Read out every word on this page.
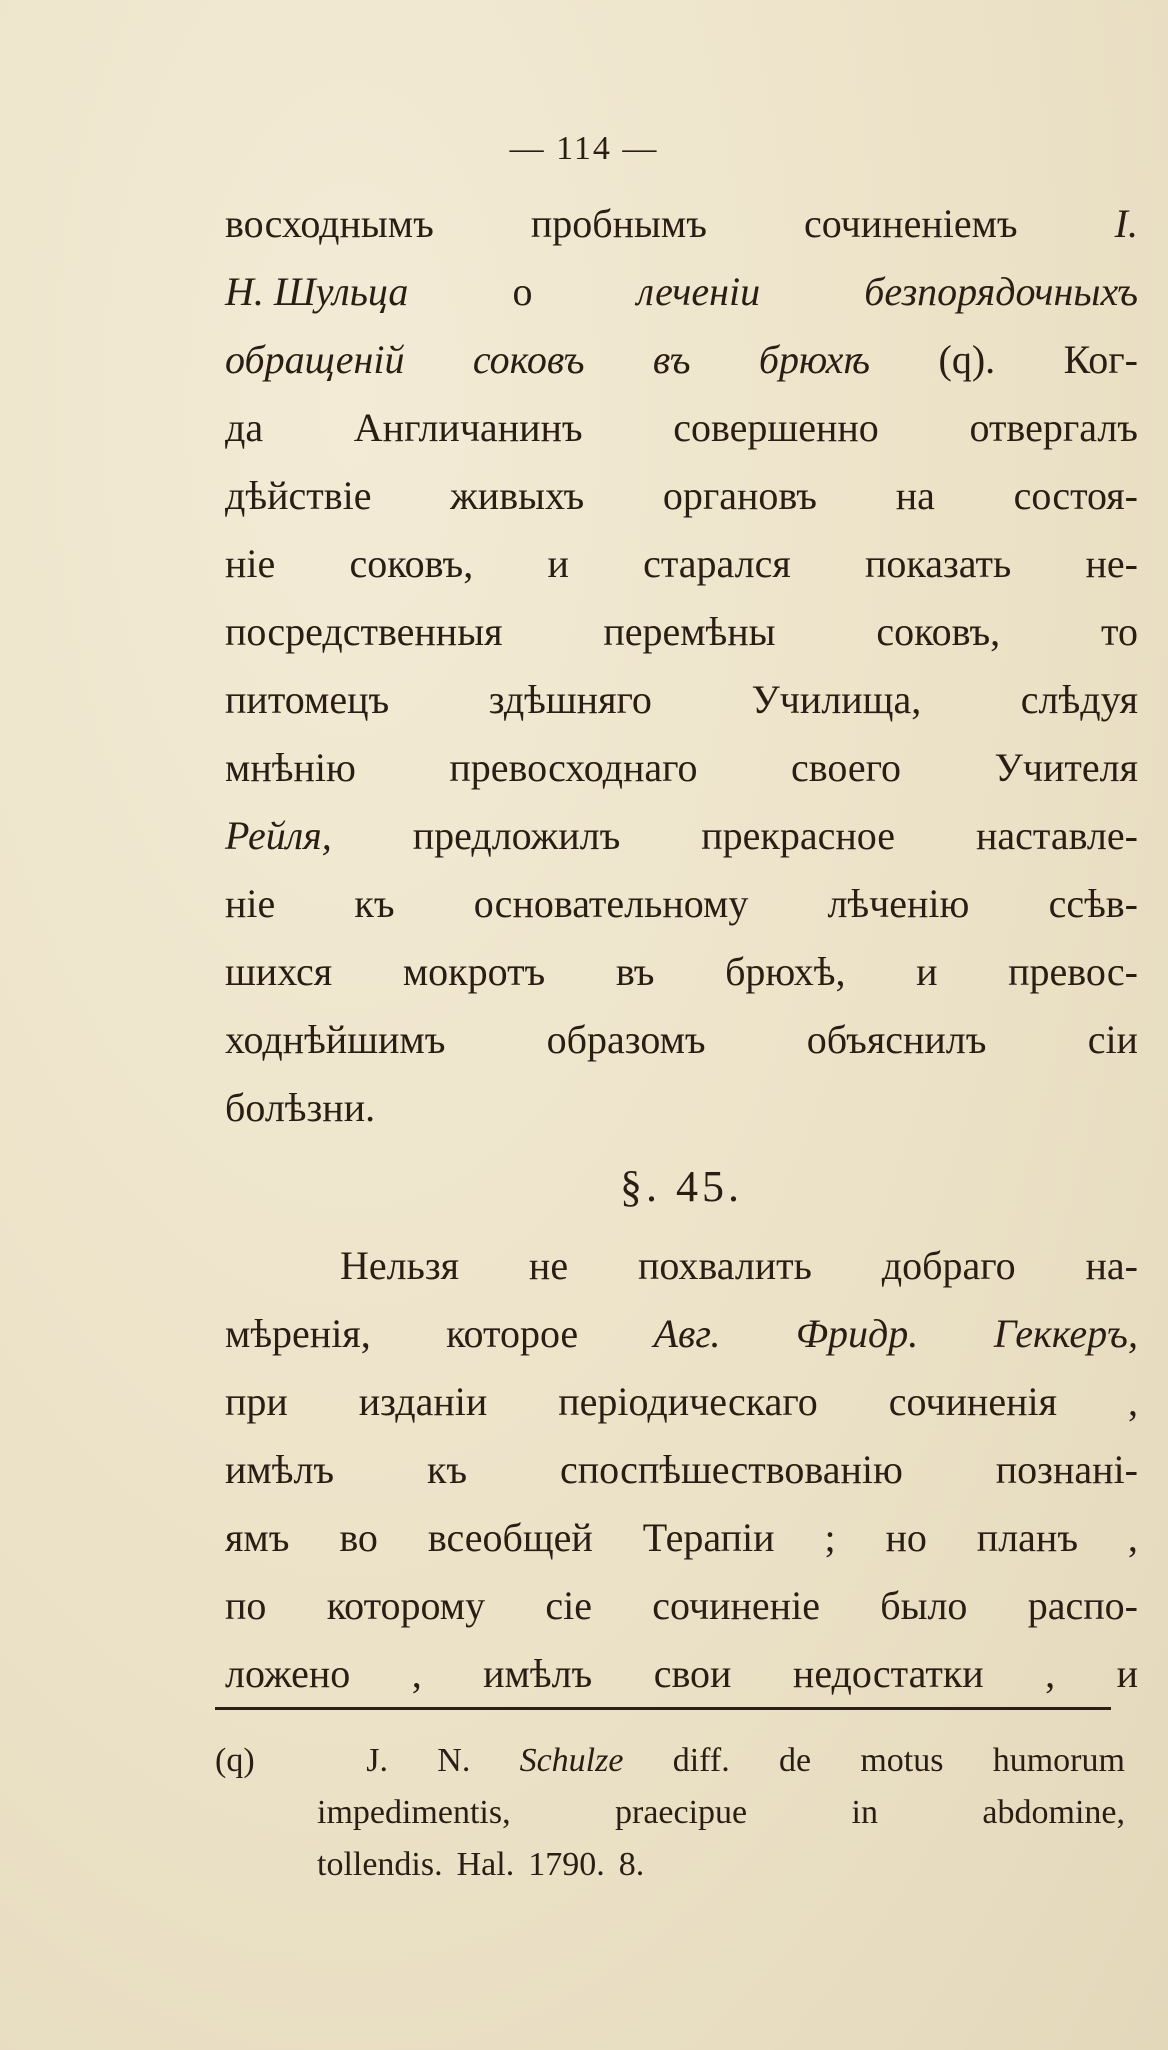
— 114 —
восходнымъ пробнымъ сочиненіемъ I.
H. Шульца	о	леченіи	безпорядочныхъ
обращеній соковъ въ брюхѣ (q). Ког-
да Англичанинъ совершенно отвергалъ
дѣйствіе живыхъ органовъ на состоя-
ніе соковъ, и старался показать не-
посредственныя	перемѣны	соковъ,	то
питомецъ здѣшняго Училища, слѣдуя
мнѣнію превосходнаго своего Учителя
Рейля, предложилъ прекрасное наставле-
ніе къ основательному лѣченію ссѣв-
шихся мокротъ въ брюхѣ, и превос-
ходнѣйшимъ	образомъ	объяснилъ	сіи
болѣзни.
§. 45.
Нельзя не похвалить добраго на-
мѣренія, которое Авг. Фридр. Геккеръ,
при изданіи періодическаго сочиненія ,
имѣлъ къ споспѣшествованію познані-
ямъ во всеобщей Терапіи ; но планъ ,
по которому сіе сочиненіе было распо-
ложено , имѣлъ свои недостатки , и
(q)	J. N. Schulze diff. de motus humorum
impedimentis,	praecipue	in	abdomine,
tollendis. Hal. 1790. 8.
